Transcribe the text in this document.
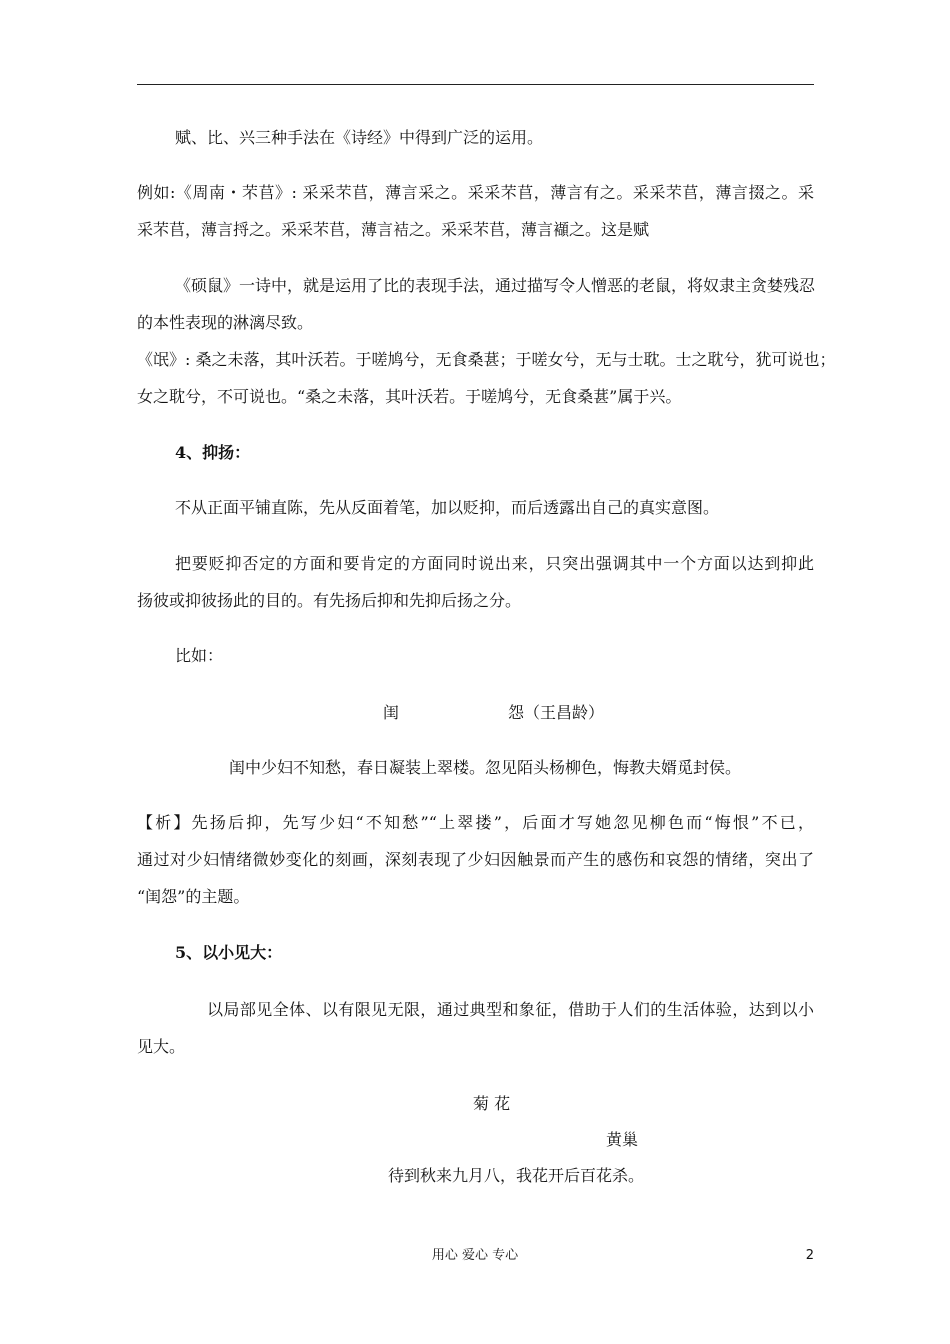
赋、比、兴三种手法在《诗经》中得到广泛的运用。
例如:《周南・芣苢》: 采采芣苢，薄言采之。采采芣苢，薄言有之。采采芣苢，薄言掇之。采
采芣苢，薄言捋之。采采芣苢，薄言袺之。采采芣苢，薄言襭之。这是赋
《硕鼠》一诗中，就是运用了比的表现手法，通过描写令人憎恶的老鼠，将奴隶主贪婪残忍
的本性表现的淋漓尽致。
《氓》: 桑之未落，其叶沃若。于嗟鸠兮，无食桑葚；于嗟女兮，无与士耽。士之耽兮，犹可说也；
女之耽兮，不可说也。“桑之未落，其叶沃若。于嗟鸠兮，无食桑葚”属于兴。
4、抑扬：
不从正面平铺直陈，先从反面着笔，加以贬抑，而后透露出自己的真实意图。
把要贬抑否定的方面和要肯定的方面同时说出来，只突出强调其中一个方面以达到抑此
扬彼或抑彼扬此的目的。有先扬后抑和先抑后扬之分。
比如：
闺	怨（王昌龄）
闺中少妇不知愁，春日凝装上翠楼。忽见陌头杨柳色，悔教夫婿觅封侯。
【析】先扬后抑，先写少妇“不知愁”“上翠搂”，后面才写她忽见柳色而“悔恨”不已，
通过对少妇情绪微妙变化的刻画，深刻表现了少妇因触景而产生的感伤和哀怨的情绪，突出了
“闺怨”的主题。
5、以小见大：
以局部见全体、以有限见无限，通过典型和象征，借助于人们的生活体验，达到以小
见大。
菊 花
黄巢
待到秋来九月八，我花开后百花杀。
用心 爱心 专心	2
